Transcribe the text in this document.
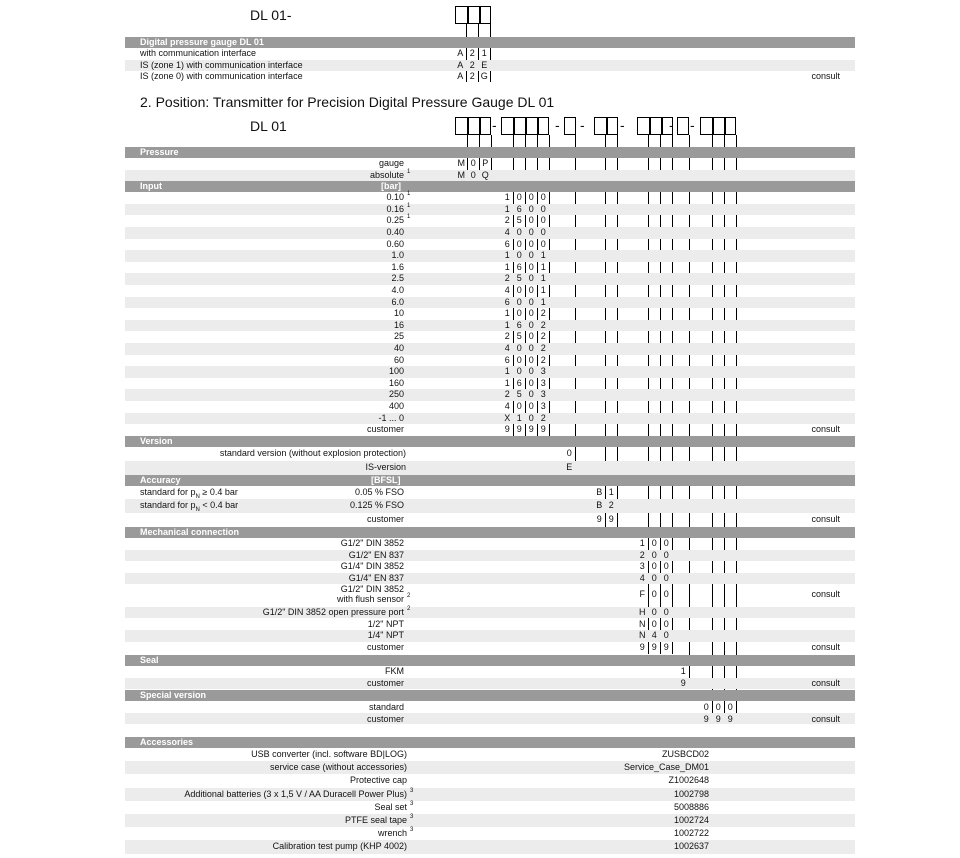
DL 01-
Digital pressure gauge DL 01
with communication interface	A 2 1
IS (zone 1) with communication interface	A 2 E
IS (zone 0) with communication interface	A 2 G	consult
2. Position: Transmitter for Precision Digital Pressure Gauge DL 01
DL 01	-	- -	-	- -
Pressure
gauge	M 0 P
absolute 1	M 0 Q
Input	[bar]
0.10 1	1 0 0 0
0.16 1	1 6 0 0
0.25 1	2 5 0 0
0.40	4 0 0 0
0.60	6 0 0 0
1.0	1 0 0 1
1.6	1 6 0 1
2.5	2 5 0 1
4.0	4 0 0 1
6.0	6 0 0 1
10	1 0 0 2
16	1 6 0 2
25	2 5 0 2
40	4 0 0 2
60	6 0 0 2
100	1 0 0 3
160	1 6 0 3
250	2 5 0 3
400	4 0 0 3
-1 ... 0	X 1 0 2
customer	9 9 9 9	consult
Version
standard version (without explosion protection)	0
IS-version	E
Accuracy	[BFSL]
standard for $p_N \ge 0.4$ bar	0.05 % FSO	B 1
standard for $p_N < 0.4$ bar	0.125 % FSO	B 2
customer	9 9	consult
Mechanical connection
G1/2" DIN 3852	1 0 0
G1/2" EN 837	2 0 0
G1/4" DIN 3852	3 0 0
G1/4" EN 837	4 0 0
G1/2" DIN 3852
with flush sensor 2	F 0 0	consult
G1/2" DIN 3852 open pressure port 2	H 0 0
1/2" NPT	N 0 0
1/4" NPT	N 4 0
customer	9 9 9	consult
Seal
FKM	1
customer	9	consult
Special version
standard	0 0 0
customer	9 9 9	consult
Accessories
USB converter (incl. software BD|LOG)	ZUSBCD02
service case (without accessories)	Service_Case_DM01
Protective cap	Z1002648
Additional batteries (3 x 1,5 V / AA Duracell Power Plus) 3	1002798
Seal set 3	5008886
PTFE seal tape 3	1002724
wrench 3	1002722
Calibration test pump (KHP 4002)	1002637
